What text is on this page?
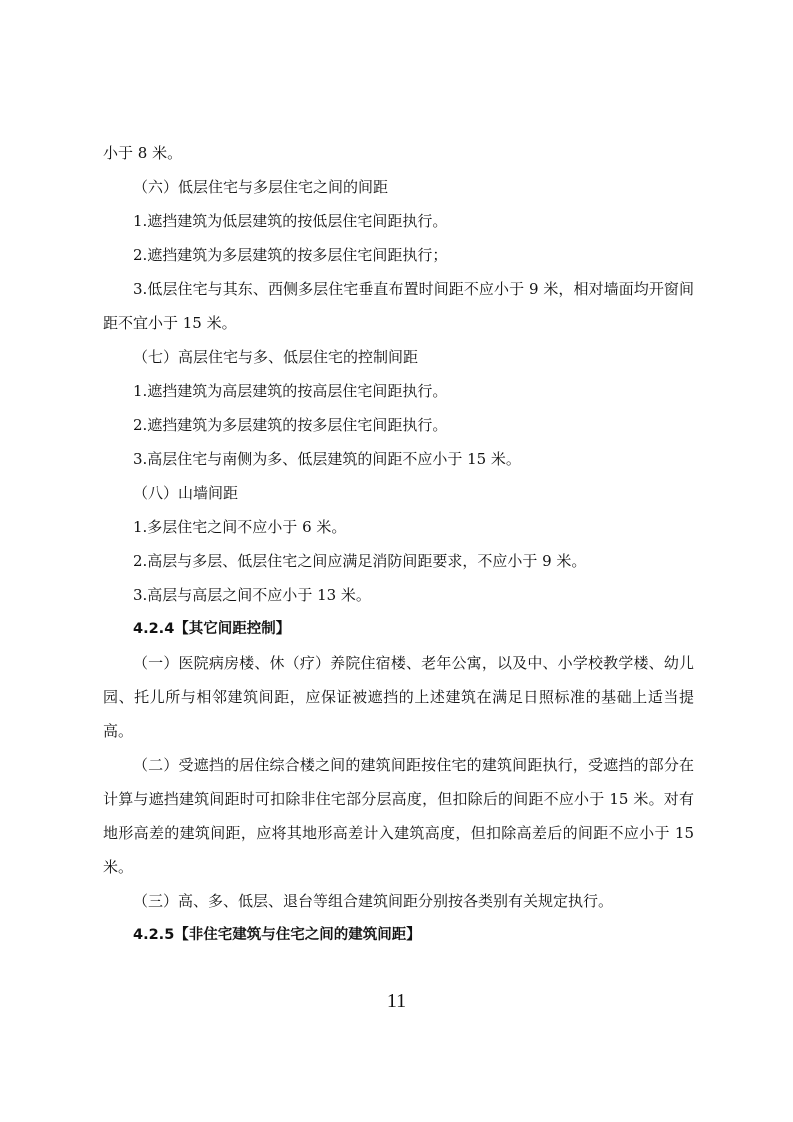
小于 8 米。

（六）低层住宅与多层住宅之间的间距

1.遮挡建筑为低层建筑的按低层住宅间距执行。

2.遮挡建筑为多层建筑的按多层住宅间距执行；

3.低层住宅与其东、西侧多层住宅垂直布置时间距不应小于 9 米，相对墙面均开窗间距不宜小于 15 米。

（七）高层住宅与多、低层住宅的控制间距

1.遮挡建筑为高层建筑的按高层住宅间距执行。

2.遮挡建筑为多层建筑的按多层住宅间距执行。

3.高层住宅与南侧为多、低层建筑的间距不应小于 15 米。

（八）山墙间距

1.多层住宅之间不应小于 6 米。

2.高层与多层、低层住宅之间应满足消防间距要求，不应小于 9 米。

3.高层与高层之间不应小于 13 米。

4.2.4【其它间距控制】

（一）医院病房楼、休（疗）养院住宿楼、老年公寓，以及中、小学校教学楼、幼儿园、托儿所与相邻建筑间距，应保证被遮挡的上述建筑在满足日照标准的基础上适当提高。

（二）受遮挡的居住综合楼之间的建筑间距按住宅的建筑间距执行，受遮挡的部分在计算与遮挡建筑间距时可扣除非住宅部分层高度，但扣除后的间距不应小于 15 米。对有地形高差的建筑间距，应将其地形高差计入建筑高度，但扣除高差后的间距不应小于 15 米。

（三）高、多、低层、退台等组合建筑间距分别按各类别有关规定执行。

4.2.5【非住宅建筑与住宅之间的建筑间距】

11
